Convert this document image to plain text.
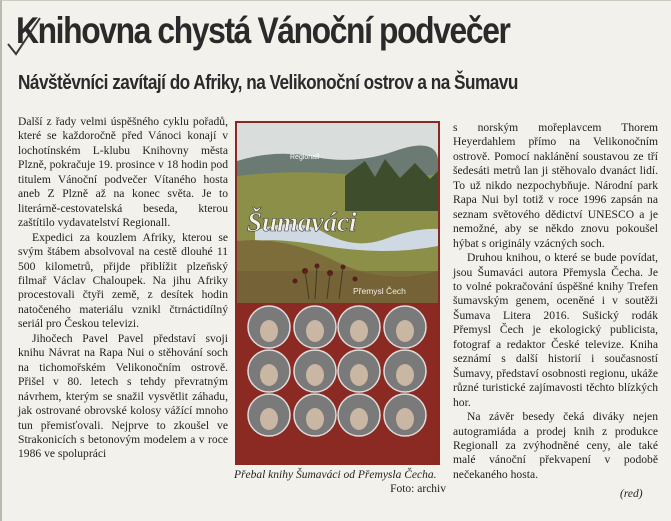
Knihovna chystá Vánoční podvečer
Návštěvníci zavítají do Afriky, na Velikonoční ostrov a na Šumavu

Další z řady velmi úspěšného cyklu pořadů, které se každoročně před Vánoci konají v lochotínském L-klubu Knihovny města Plzně, pokračuje 19. prosince v 18 hodin pod titulem Vánoční podvečer Vítaného hosta aneb Z Plzně až na konec světa. Je to literárně-cestovatelská beseda, kterou zaštítilo vydavatelství Regionall.

Expedici za kouzlem Afriky, kterou se svým štábem absolvoval na cestě dlouhé 11 500 kilometrů, přijde přiblížit plzeňský filmař Václav Chaloupek. Na jihu Afriky procestovali čtyři země, z desítek hodin natočeného materiálu vznikl čtrnáctidílný seriál pro Českou televizi.

Jihočech Pavel Pavel představí svoji knihu Návrat na Rapa Nui o stěhování soch na tichomořském Velikonočním ostrově. Přišel v 80. letech s tehdy převratným návrhem, kterým se snažil vysvětlit záhadu, jak ostrované obrovské kolosy vážící mnoho tun přemisťovali. Nejprve to zkoušel ve Strakonicích s betonovým modelem a v roce 1986 ve spolupráci

Regionall
Šumaváci
Přemysl Čech
Přebal knihy Šumaváci od Přemysla Čecha.
Foto: archiv

s norským mořeplavcem Thorem Heyerdahlem přímo na Velikonočním ostrově. Pomocí naklánění soustavou ze tří šedesáti metrů lan ji stěhovalo dvanáct lidí. To už nikdo nezpochybňuje. Národní park Rapa Nui byl totiž v roce 1996 zapsán na seznam světového dědictví UNESCO a je nemožné, aby se někdo znovu pokoušel hýbat s originály vzácných soch.

Druhou knihou, o které se bude povídat, jsou Šumaváci autora Přemysla Čecha. Je to volné pokračování úspěšné knihy Trefen šumavským genem, oceněné i v soutěži Šumava Litera 2016. Sušický rodák Přemysl Čech je ekologický publicista, fotograf a redaktor České televize. Kniha seznámí s další historií i současností Šumavy, představí osobnosti regionu, ukáže různé turistické zajímavosti těchto blízkých hor.

Na závěr besedy čeká diváky nejen autogramiáda a prodej knih z produkce Regionall za zvýhodněné ceny, ale také malé vánoční překvapení v podobě nečekaného hosta.

(red)
